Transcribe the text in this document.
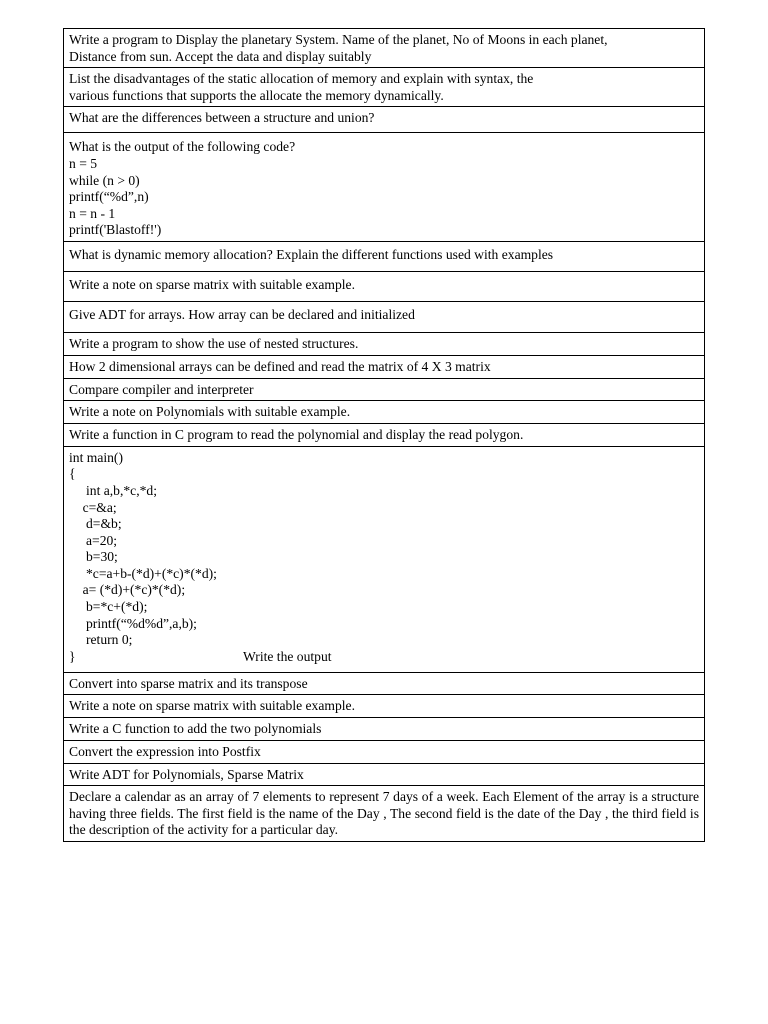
Write a program to Display the planetary System. Name of the planet, No of Moons in each planet,
Distance from sun. Accept the data and display suitably

List the disadvantages of the static allocation of memory and explain with syntax, the
various functions that supports the allocate the memory dynamically.

What are the differences between a structure and union?

What is the output of the following code?
n = 5
while (n > 0)
printf(“%d”,n)
n = n - 1
printf('Blastoff!')

What is dynamic memory allocation? Explain the different functions used with examples

Write a note on sparse matrix with suitable example.

Give ADT for arrays. How array can be declared and initialized

Write a program to show the use of nested structures.

How 2 dimensional arrays can be defined and read the matrix of 4 X 3 matrix

Compare compiler and interpreter

Write a note on Polynomials with suitable example.

Write a function in C program to read the polynomial and display the read polygon.

int main()
{
int a,b,*c,*d;
c=&a;
d=&b;
a=20;
b=30;
*c=a+b-(*d)+(*c)*(*d);
a= (*d)+(*c)*(*d);
b=*c+(*d);
printf(“%d%d”,a,b);
return 0;
}	Write the output

Convert into sparse matrix and its transpose

Write a note on sparse matrix with suitable example.

Write a C function to add the two polynomials

Convert the expression into Postfix

Write ADT for Polynomials, Sparse Matrix

Declare a calendar as an array of 7 elements to represent 7 days of a week. Each Element of the array is a structure having three fields. The first field is the name of the Day , The second field is the date of the Day , the third field is the description of the activity for a particular day.
